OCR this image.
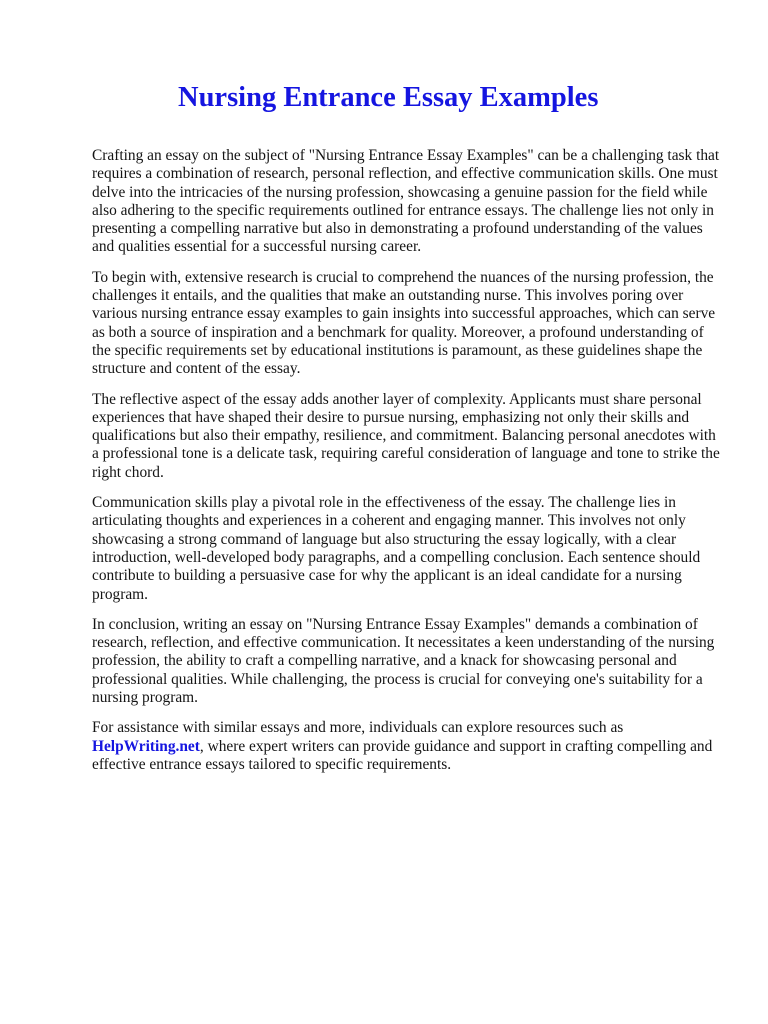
Nursing Entrance Essay Examples

Crafting an essay on the subject of "Nursing Entrance Essay Examples" can be a challenging task that requires a combination of research, personal reflection, and effective communication skills. One must delve into the intricacies of the nursing profession, showcasing a genuine passion for the field while also adhering to the specific requirements outlined for entrance essays. The challenge lies not only in presenting a compelling narrative but also in demonstrating a profound understanding of the values and qualities essential for a successful nursing career.

To begin with, extensive research is crucial to comprehend the nuances of the nursing profession, the challenges it entails, and the qualities that make an outstanding nurse. This involves poring over various nursing entrance essay examples to gain insights into successful approaches, which can serve as both a source of inspiration and a benchmark for quality. Moreover, a profound understanding of the specific requirements set by educational institutions is paramount, as these guidelines shape the structure and content of the essay.

The reflective aspect of the essay adds another layer of complexity. Applicants must share personal experiences that have shaped their desire to pursue nursing, emphasizing not only their skills and qualifications but also their empathy, resilience, and commitment. Balancing personal anecdotes with a professional tone is a delicate task, requiring careful consideration of language and tone to strike the right chord.

Communication skills play a pivotal role in the effectiveness of the essay. The challenge lies in articulating thoughts and experiences in a coherent and engaging manner. This involves not only showcasing a strong command of language but also structuring the essay logically, with a clear introduction, well-developed body paragraphs, and a compelling conclusion. Each sentence should contribute to building a persuasive case for why the applicant is an ideal candidate for a nursing program.

In conclusion, writing an essay on "Nursing Entrance Essay Examples" demands a combination of research, reflection, and effective communication. It necessitates a keen understanding of the nursing profession, the ability to craft a compelling narrative, and a knack for showcasing personal and professional qualities. While challenging, the process is crucial for conveying one's suitability for a nursing program.

For assistance with similar essays and more, individuals can explore resources such as HelpWriting.net, where expert writers can provide guidance and support in crafting compelling and effective entrance essays tailored to specific requirements.
